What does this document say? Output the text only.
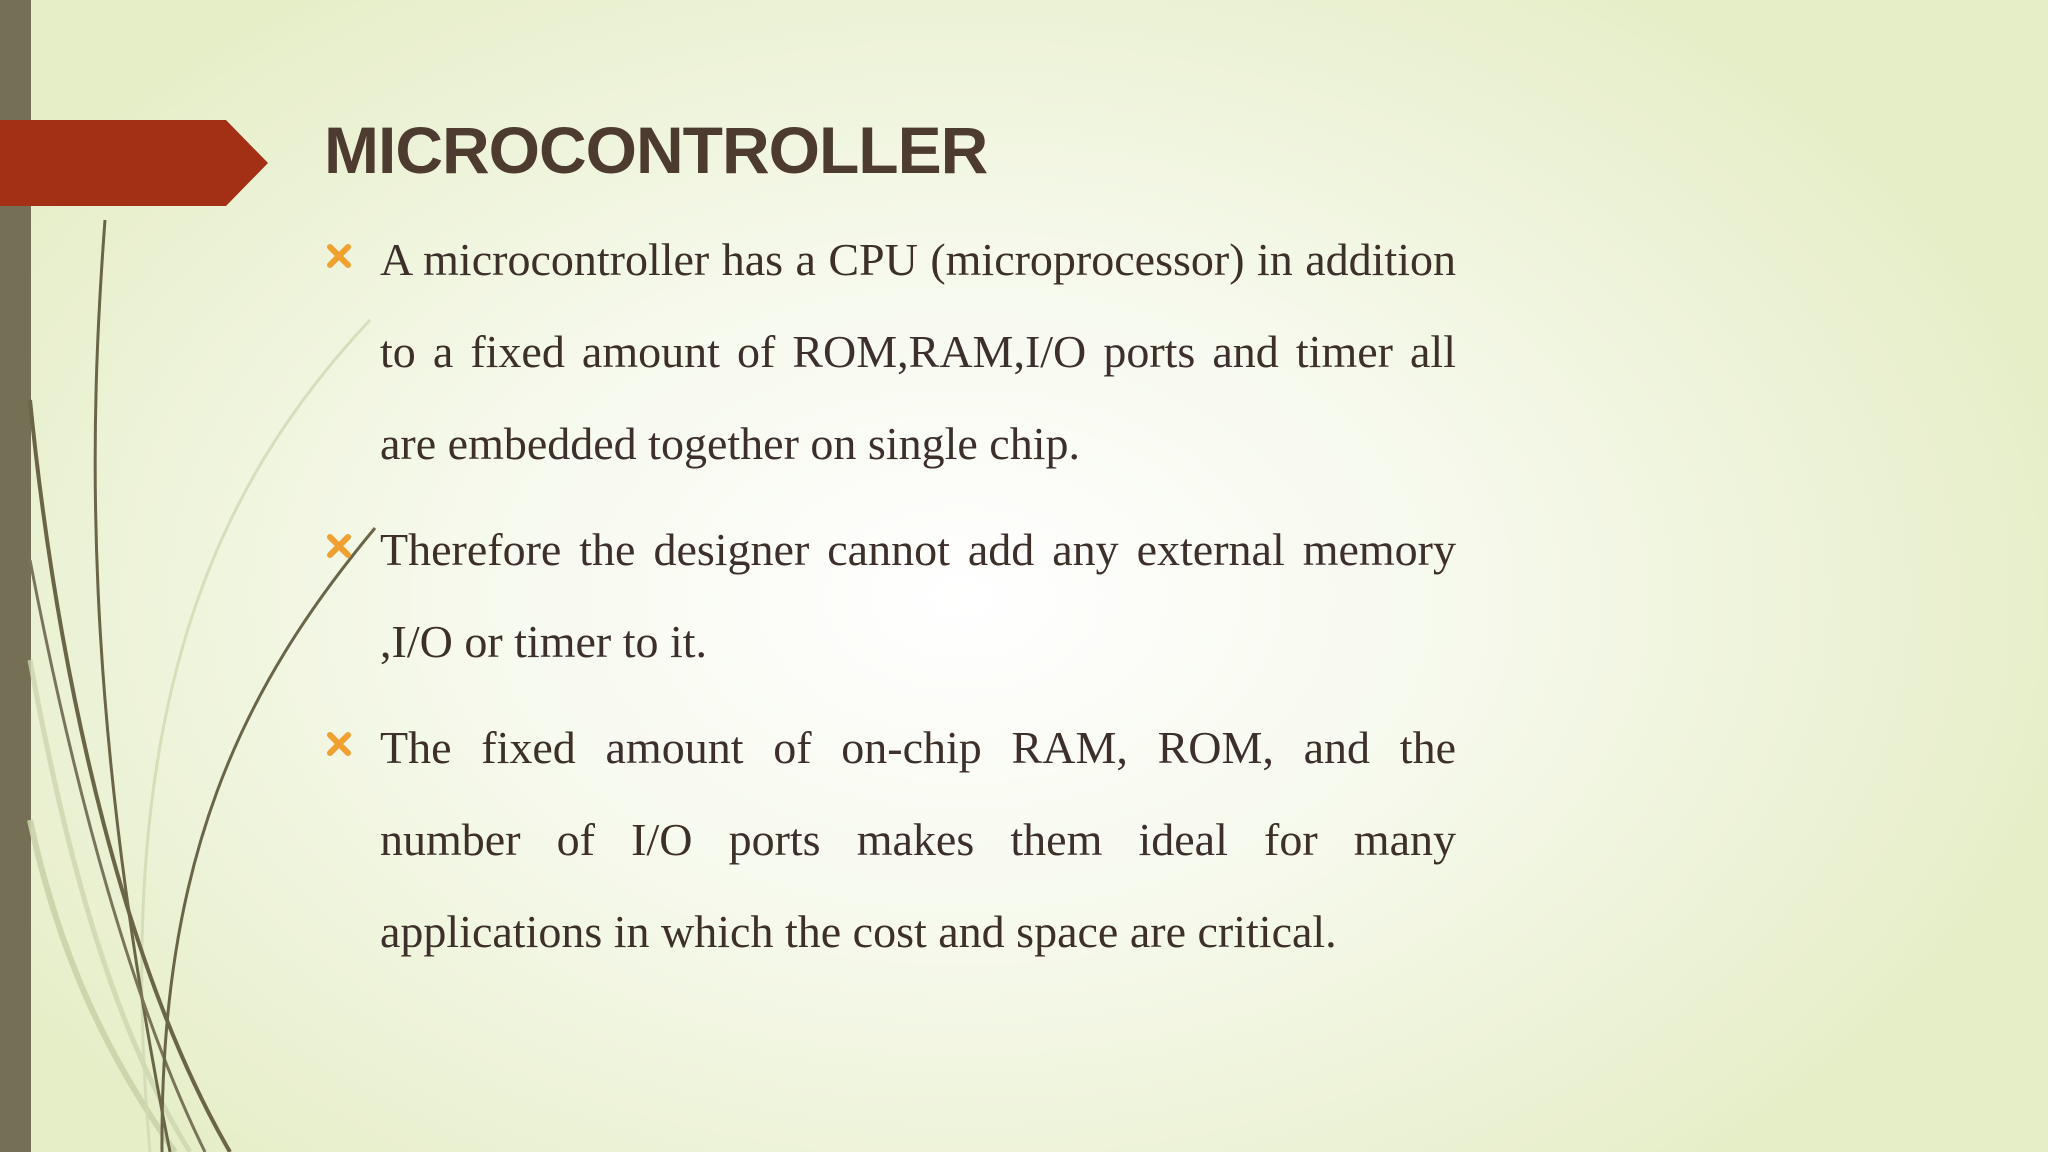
MICROCONTROLLER

A microcontroller has a CPU (microprocessor) in addition to a fixed amount of ROM,RAM,I/O ports and timer all are embedded together on single chip.

Therefore the designer cannot add any external memory ,I/O or timer to it.

The fixed amount of on-chip RAM, ROM, and the number of I/O ports makes them ideal for many applications in which the cost and space are critical.
